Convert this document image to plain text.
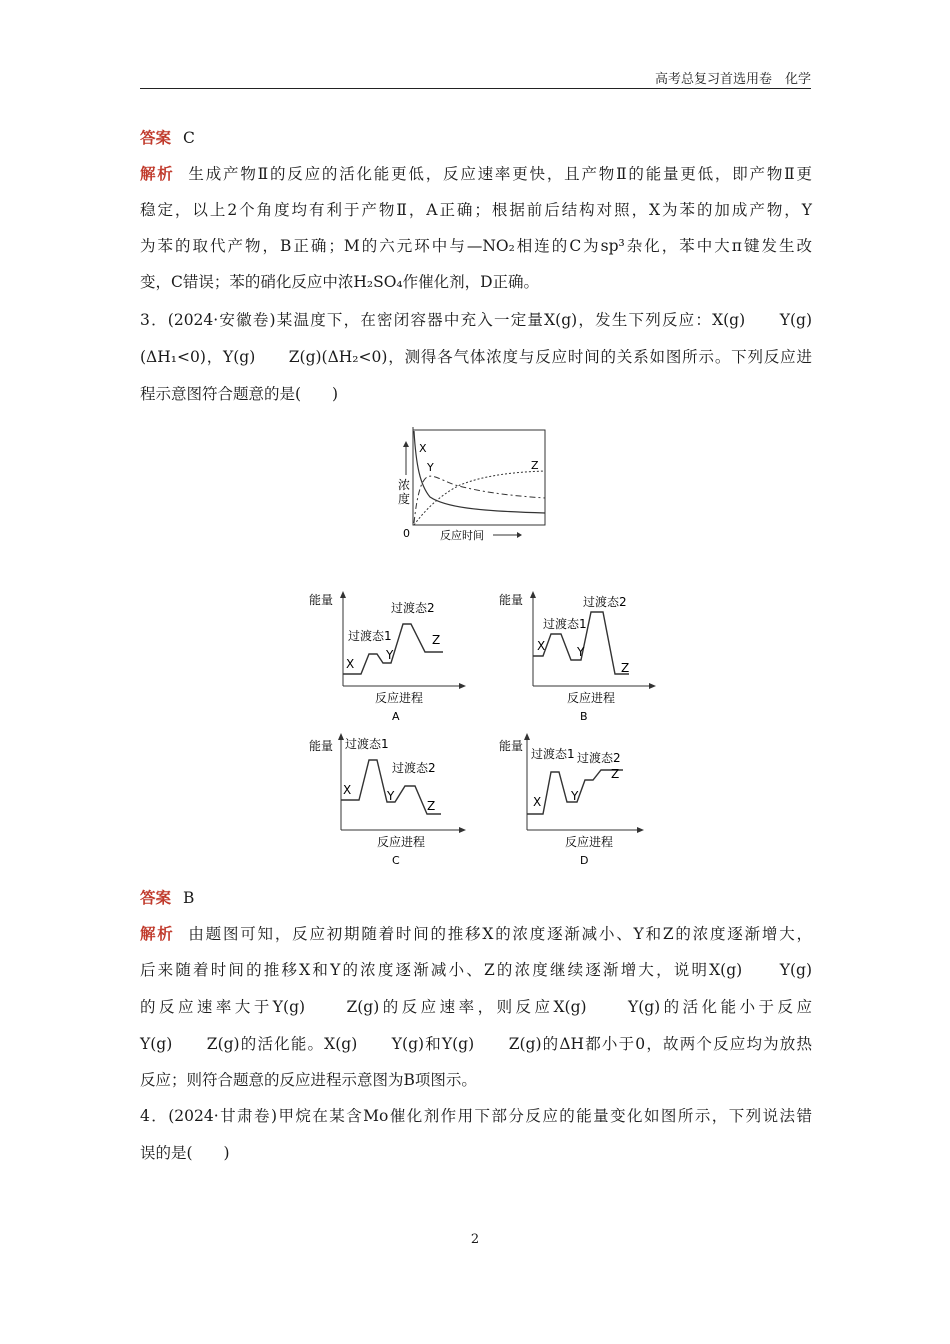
高考总复习首选用卷　化学
答案 C
解析 生成产物Ⅱ的反应的活化能更低，反应速率更快，且产物Ⅱ的能量更低，即产物Ⅱ更
稳定，以上2个角度均有利于产物Ⅱ，A正确；根据前后结构对照，X为苯的加成产物，Y
为苯的取代产物，B正确；M的六元环中与—NO₂相连的C为sp³杂化，苯中大π键发生改
变，C错误；苯的硝化反应中浓H₂SO₄作催化剂，D正确。
3．(2024·安徽卷)某温度下，在密闭容器中充入一定量X(g)，发生下列反应：X(g)　　Y(g)
(ΔH₁<0)，Y(g)　　Z(g)(ΔH₂<0)，测得各气体浓度与反应时间的关系如图所示。下列反应进
程示意图符合题意的是(　　)
X
Y	Z
浓
度
0	反应时间
能量
过渡态1
过渡态2
X
Y
Z
反应进程
A
能量
过渡态1
过渡态2
X	Y
Z
反应进程
B
能量 过渡态1
过渡态2
X	Y
Z
反应进程
C
能量
过渡态1 过渡态2
X Y
Z
反应进程
D
答案 B
解析 由题图可知，反应初期随着时间的推移X的浓度逐渐减小、Y和Z的浓度逐渐增大，
后来随着时间的推移X和Y的浓度逐渐减小、Z的浓度继续逐渐增大，说明X(g)　　Y(g)
的反应速率大于Y(g)　　Z(g)的反应速率，则反应X(g)　　Y(g)的活化能小于反应
Y(g)　　Z(g)的活化能。X(g)　　Y(g)和Y(g)　　Z(g)的ΔH都小于0，故两个反应均为放热
反应；则符合题意的反应进程示意图为B项图示。
4．(2024·甘肃卷)甲烷在某含Mo催化剂作用下部分反应的能量变化如图所示，下列说法错
误的是(　　)
2
